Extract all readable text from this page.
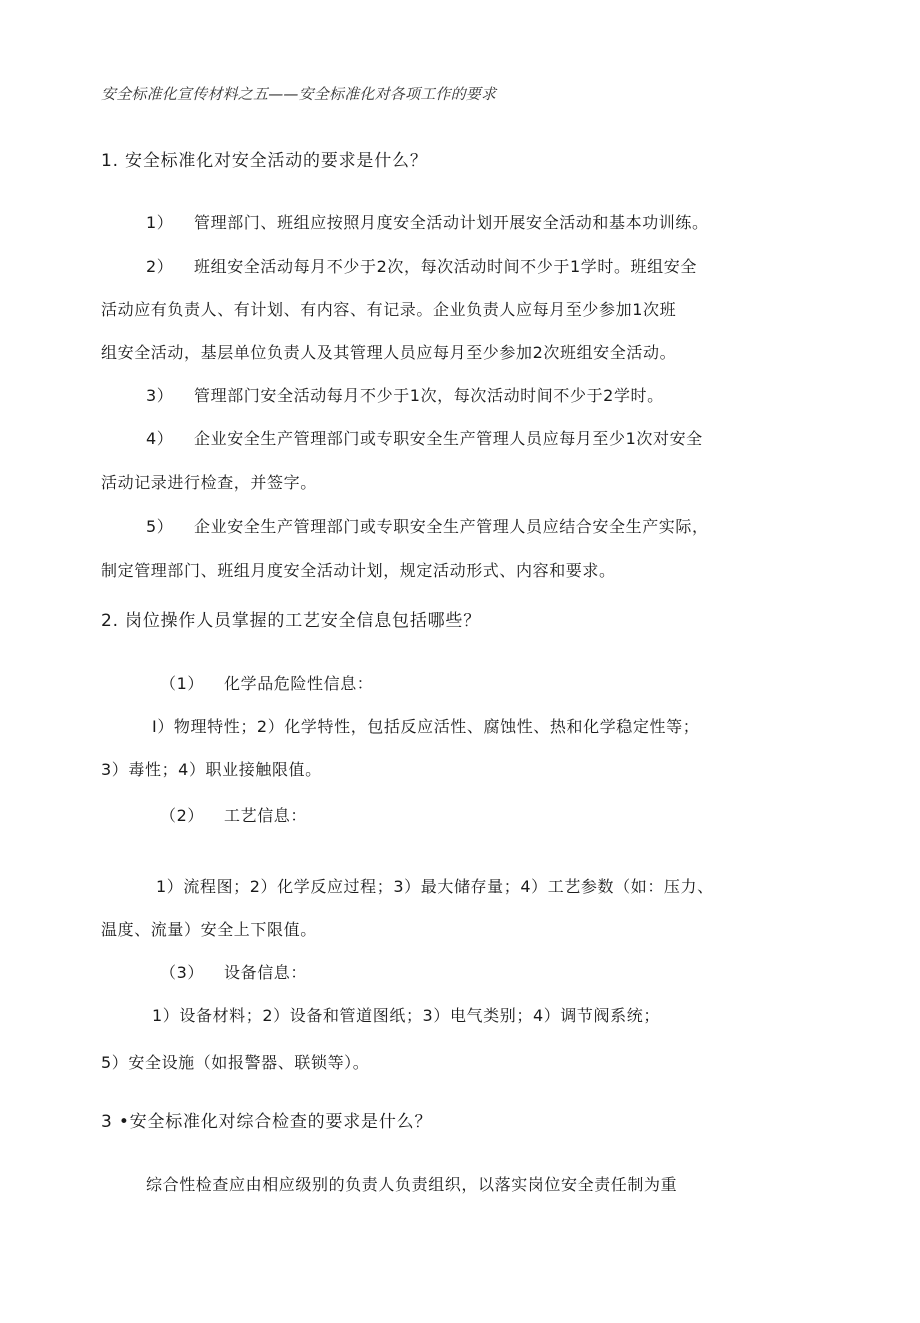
安全标准化宣传材料之五——安全标准化对各项工作的要求
1. 安全标准化对安全活动的要求是什么？
1） 管理部门、班组应按照月度安全活动计划开展安全活动和基本功训练。
2） 班组安全活动每月不少于2次，每次活动时间不少于1学时。班组安全
活动应有负责人、有计划、有内容、有记录。企业负责人应每月至少参加1次班
组安全活动，基层单位负责人及其管理人员应每月至少参加2次班组安全活动。
3） 管理部门安全活动每月不少于1次，每次活动时间不少于2学时。
4） 企业安全生产管理部门或专职安全生产管理人员应每月至少1次对安全
活动记录进行检查，并签字。
5） 企业安全生产管理部门或专职安全生产管理人员应结合安全生产实际，
制定管理部门、班组月度安全活动计划，规定活动形式、内容和要求。
2. 岗位操作人员掌握的工艺安全信息包括哪些？
（1） 化学品危险性信息：
I）物理特性；2）化学特性，包括反应活性、腐蚀性、热和化学稳定性等；
3）毒性；4）职业接触限值。
（2） 工艺信息：
1）流程图；2）化学反应过程；3）最大储存量；4）工艺参数（如：压力、
温度、流量）安全上下限值。
（3） 设备信息：
1）设备材料；2）设备和管道图纸；3）电气类别；4）调节阀系统；
5）安全设施（如报警器、联锁等）。
3 •安全标准化对综合检查的要求是什么？
综合性检查应由相应级别的负责人负责组织，以落实岗位安全责任制为重
